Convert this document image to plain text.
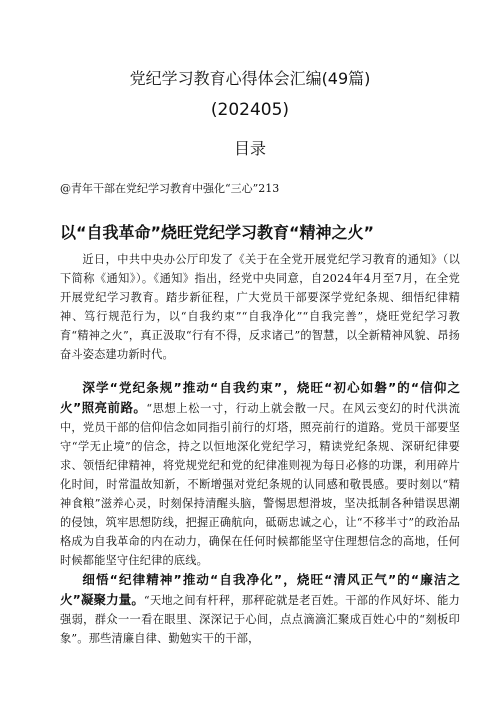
党纪学习教育心得体会汇编(49篇)
(202405)
目录
@青年干部在党纪学习教育中强化“三心”213
以“自我革命”烧旺党纪学习教育“精神之火”
近日，中共中央办公厅印发了《关于在全党开展党纪学习教育的通知》（以下简称《通知》）。《通知》指出，经党中央同意，自2024年4月至7月，在全党开展党纪学习教育。踏步新征程，广大党员干部要深学党纪条规、细悟纪律精神、笃行规范行为，以“自我约束”“自我净化”“自我完善”，烧旺党纪学习教育“精神之火”，真正汲取“行有不得，反求诸己”的智慧，以全新精神风貌、昂扬奋斗姿态建功新时代。
深学“党纪条规”推动“自我约束”，烧旺“初心如磐”的“信仰之火”照亮前路。“思想上松一寸，行动上就会散一尺。在风云变幻的时代洪流中，党员干部的信仰信念如同指引前行的灯塔，照亮前行的道路。党员干部要坚守“学无止境”的信念，持之以恒地深化党纪学习，精读党纪条规、深研纪律要求、领悟纪律精神，将党规党纪和党的纪律准则视为每日必修的功课，利用碎片化时间，时常温故知新，不断增强对党纪条规的认同感和敬畏感。要时刻以“精神食粮”滋养心灵，时刻保持清醒头脑，警惕思想滑坡，坚决抵制各种错误思潮的侵蚀，筑牢思想防线，把握正确航向，砥砺忠诚之心，让“不移半寸”的政治品格成为自我革命的内在动力，确保在任何时候都能坚守住理想信念的高地，任何时候都能坚守住纪律的底线。
细悟“纪律精神”推动“自我净化”，烧旺“清风正气”的“廉洁之火”凝聚力量。“天地之间有杆秤，那秤砣就是老百姓。干部的作风好坏、能力强弱，群众一一看在眼里、深深记于心间，点点滴滴汇聚成百姓心中的“刻板印象”。那些清廉自律、勤勉实干的干部，
